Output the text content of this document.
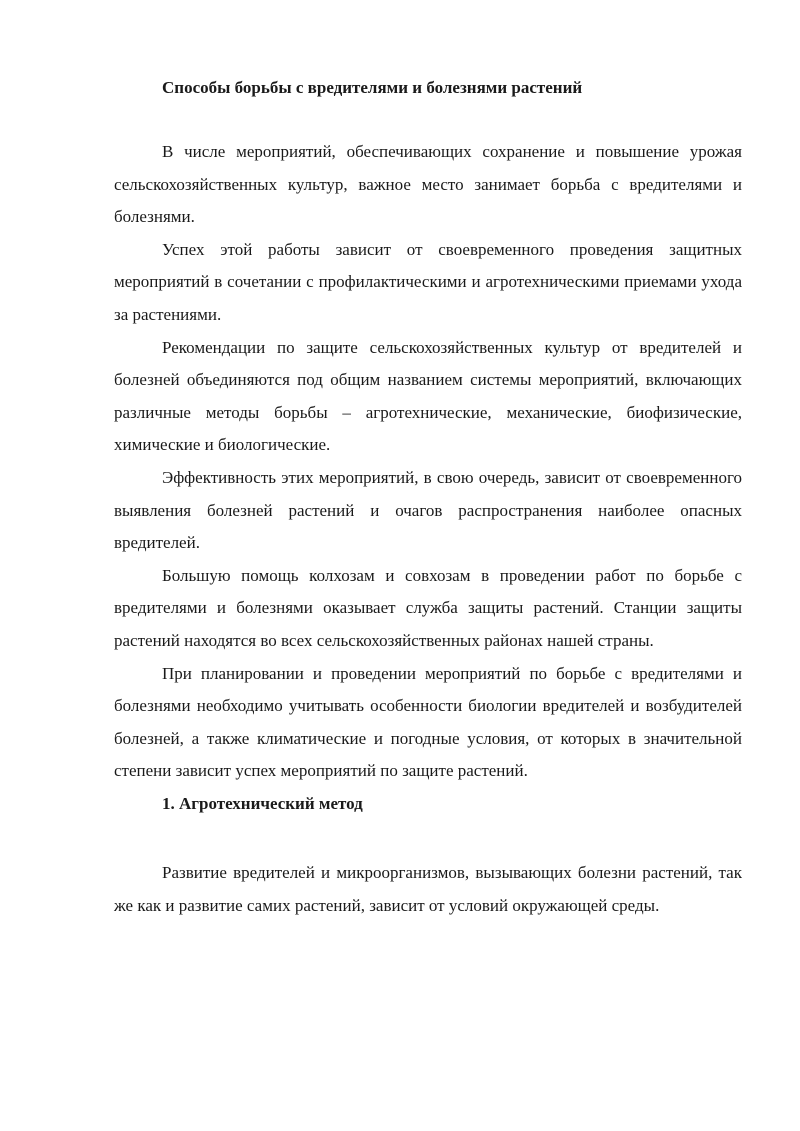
Способы борьбы с вредителями и болезнями растений

В числе мероприятий, обеспечивающих сохранение и повышение урожая сельскохозяйственных культур, важное место занимает борьба с вредителями и болезнями.

Успех этой работы зависит от своевременного проведения защитных мероприятий в сочетании с профилактическими и агротехническими приемами ухода за растениями.

Рекомендации по защите сельскохозяйственных культур от вредителей и болезней объединяются под общим названием системы мероприятий, включающих различные методы борьбы – агротехнические, механические, биофизические, химические и биологические.

Эффективность этих мероприятий, в свою очередь, зависит от своевременного выявления болезней растений и очагов распространения наиболее опасных вредителей.

Большую помощь колхозам и совхозам в проведении работ по борьбе с вредителями и болезнями оказывает служба защиты растений. Станции защиты растений находятся во всех сельскохозяйственных районах нашей страны.

При планировании и проведении мероприятий по борьбе с вредителями и болезнями необходимо учитывать особенности биологии вредителей и возбудителей болезней, а также климатические и погодные условия, от которых в значительной степени зависит успех мероприятий по защите растений.

1. Агротехнический метод

Развитие вредителей и микроорганизмов, вызывающих болезни растений, так же как и развитие самих растений, зависит от условий окружающей среды.
